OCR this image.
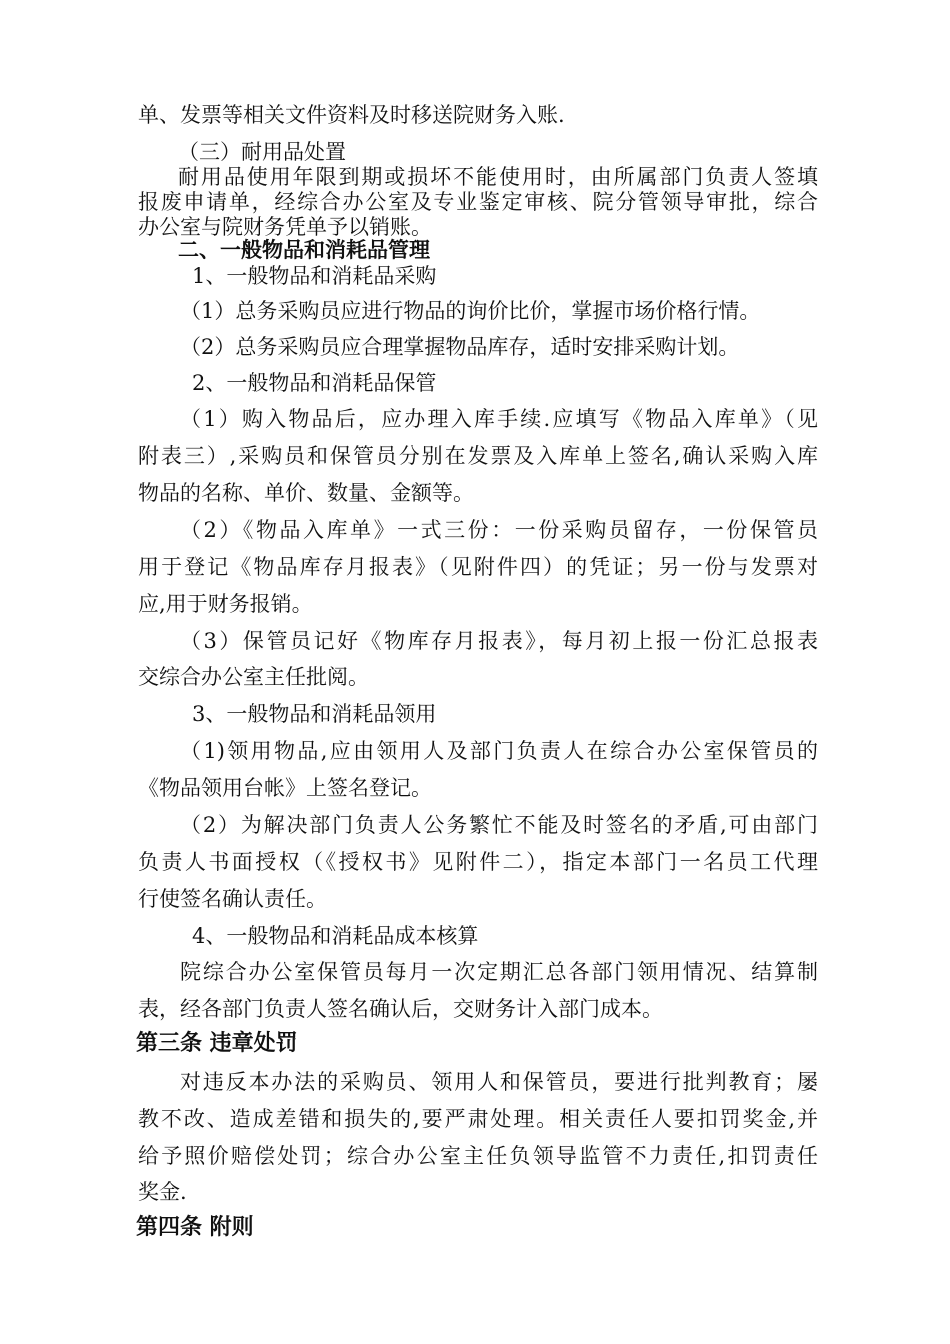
单、发票等相关文件资料及时移送院财务入账.
（三）耐用品处置
耐用品使用年限到期或损坏不能使用时，由所属部门负责人签填
报废申请单，经综合办公室及专业鉴定审核、院分管领导审批，综合
办公室与院财务凭单予以销账。
二、一般物品和消耗品管理
1、一般物品和消耗品采购
（1）总务采购员应进行物品的询价比价，掌握市场价格行情。
（2）总务采购员应合理掌握物品库存，适时安排采购计划。
2、一般物品和消耗品保管
（1）购入物品后，应办理入库手续.应填写《物品入库单》（见
附表三）,采购员和保管员分别在发票及入库单上签名,确认采购入库
物品的名称、单价、数量、金额等。
（2）《物品入库单》一式三份：一份采购员留存，一份保管员
用于登记《物品库存月报表》（见附件四）的凭证；另一份与发票对
应,用于财务报销。
（3）保管员记好《物库存月报表》，每月初上报一份汇总报表
交综合办公室主任批阅。
3、一般物品和消耗品领用
（1)领用物品,应由领用人及部门负责人在综合办公室保管员的
《物品领用台帐》上签名登记。
（2）为解决部门负责人公务繁忙不能及时签名的矛盾,可由部门
负责人书面授权（《授权书》见附件二），指定本部门一名员工代理
行使签名确认责任。
4、一般物品和消耗品成本核算
院综合办公室保管员每月一次定期汇总各部门领用情况、结算制
表，经各部门负责人签名确认后，交财务计入部门成本。
第三条 违章处罚
对违反本办法的采购员、领用人和保管员，要进行批判教育；屡
教不改、造成差错和损失的,要严肃处理。相关责任人要扣罚奖金,并
给予照价赔偿处罚；综合办公室主任负领导监管不力责任,扣罚责任
奖金.
第四条 附则
